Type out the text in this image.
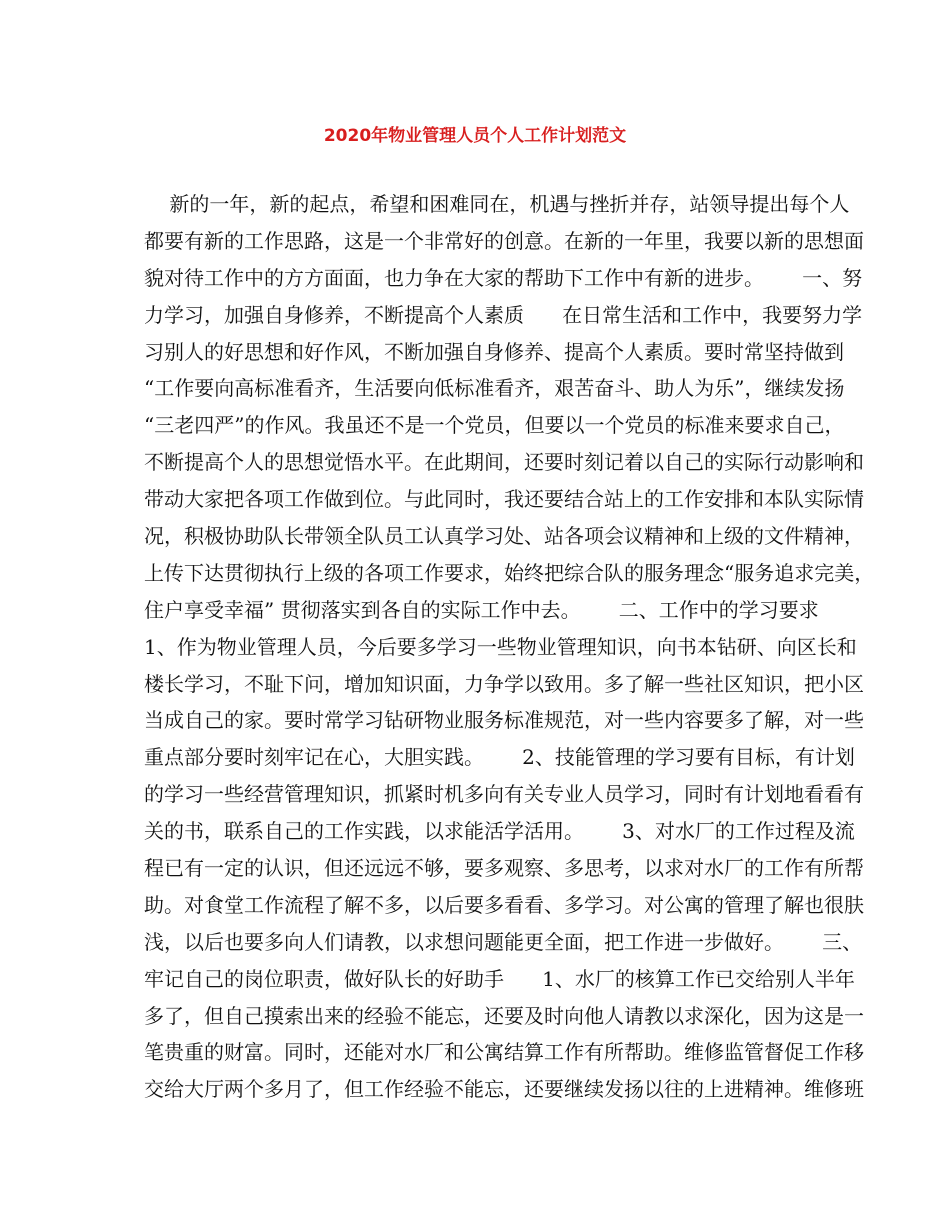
2020年物业管理人员个人工作计划范文
新的一年，新的起点，希望和困难同在，机遇与挫折并存，站领导提出每个人
都要有新的工作思路，这是一个非常好的创意。在新的一年里，我要以新的思想面
貌对待工作中的方方面面，也力争在大家的帮助下工作中有新的进步。      一、努
力学习，加强自身修养，不断提高个人素质      在日常生活和工作中，我要努力学
习别人的好思想和好作风，不断加强自身修养、提高个人素质。要时常坚持做到
“工作要向高标准看齐，生活要向低标准看齐，艰苦奋斗、助人为乐”，继续发扬
“三老四严”的作风。我虽还不是一个党员，但要以一个党员的标准来要求自己，
不断提高个人的思想觉悟水平。在此期间，还要时刻记着以自己的实际行动影响和
带动大家把各项工作做到位。与此同时，我还要结合站上的工作安排和本队实际情
况，积极协助队长带领全队员工认真学习处、站各项会议精神和上级的文件精神，
上传下达贯彻执行上级的各项工作要求，始终把综合队的服务理念“服务追求完美，
住户享受幸福” 贯彻落实到各自的实际工作中去。      二、工作中的学习要求
1、作为物业管理人员，今后要多学习一些物业管理知识，向书本钻研、向区长和
楼长学习，不耻下问，增加知识面，力争学以致用。多了解一些社区知识，把小区
当成自己的家。要时常学习钻研物业服务标准规范，对一些内容要多了解，对一些
重点部分要时刻牢记在心，大胆实践。      2、技能管理的学习要有目标，有计划
的学习一些经营管理知识，抓紧时机多向有关专业人员学习，同时有计划地看看有
关的书，联系自己的工作实践，以求能活学活用。      3、对水厂的工作过程及流
程已有一定的认识，但还远远不够，要多观察、多思考，以求对水厂的工作有所帮
助。对食堂工作流程了解不多，以后要多看看、多学习。对公寓的管理了解也很肤
浅，以后也要多向人们请教，以求想问题能更全面，把工作进一步做好。      三、
牢记自己的岗位职责，做好队长的好助手      1、水厂的核算工作已交给别人半年
多了，但自己摸索出来的经验不能忘，还要及时向他人请教以求深化，因为这是一
笔贵重的财富。同时，还能对水厂和公寓结算工作有所帮助。维修监管督促工作移
交给大厅两个多月了，但工作经验不能忘，还要继续发扬以往的上进精神。维修班
